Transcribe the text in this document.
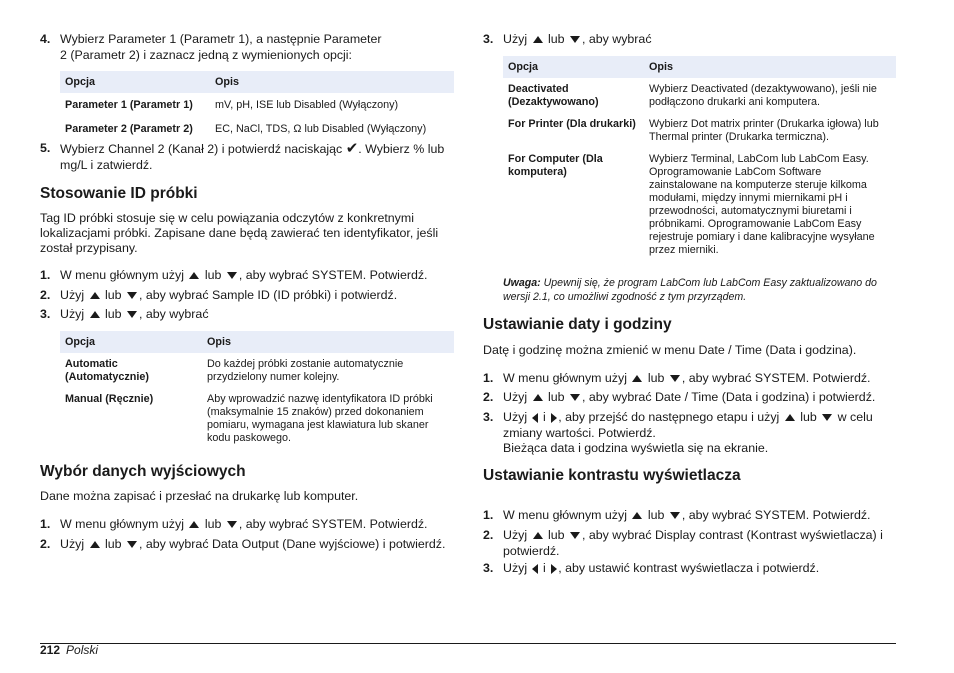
4. Wybierz Parameter 1 (Parametr 1), a następnie Parameter 2 (Parametr 2) i zaznacz jedną z wymienionych opcji:
Opcja	Opis
Parameter 1 (Parametr 1)	mV, pH, ISE lub Disabled (Wyłączony)
Parameter 2 (Parametr 2)	EC, NaCl, TDS, Ω lub Disabled (Wyłączony)
5. Wybierz Channel 2 (Kanał 2) i potwierdź naciskając ✔. Wybierz % lub mg/L i zatwierdź.
Stosowanie ID próbki
Tag ID próbki stosuje się w celu powiązania odczytów z konkretnymi lokalizacjami próbki. Zapisane dane będą zawierać ten identyfikator, jeśli został przypisany.
1. W menu głównym użyj  lub , aby wybrać SYSTEM. Potwierdź.
2. Użyj  lub , aby wybrać Sample ID (ID próbki) i potwierdź.
3. Użyj  lub , aby wybrać
Opcja	Opis
Automatic (Automatycznie)	Do każdej próbki zostanie automatycznie przydzielony numer kolejny.
Manual (Ręcznie)	Aby wprowadzić nazwę identyfikatora ID próbki (maksymalnie 15 znaków) przed dokonaniem pomiaru, wymagana jest klawiatura lub skaner kodu paskowego.
Wybór danych wyjściowych
Dane można zapisać i przesłać na drukarkę lub komputer.
1. W menu głównym użyj  lub , aby wybrać SYSTEM. Potwierdź.
2. Użyj  lub , aby wybrać Data Output (Dane wyjściowe) i potwierdź.
3. Użyj  lub , aby wybrać
Opcja	Opis
Deactivated (Dezaktywowano)	Wybierz Deactivated (dezaktywowano), jeśli nie podłączono drukarki ani komputera.
For Printer (Dla drukarki)	Wybierz Dot matrix printer (Drukarka igłowa) lub Thermal printer (Drukarka termiczna).
For Computer (Dla komputera)	Wybierz Terminal, LabCom lub LabCom Easy. Oprogramowanie LabCom Software zainstalowane na komputerze steruje kilkoma modułami, między innymi miernikami pH i przewodności, automatycznymi biuretami i próbnikami. Oprogramowanie LabCom Easy rejestruje pomiary i dane kalibracyjne wysyłane przez mierniki.
Uwaga: Upewnij się, że program LabCom lub LabCom Easy zaktualizowano do wersji 2.1, co umożliwi zgodność z tym przyrządem.
Ustawianie daty i godziny
Datę i godzinę można zmienić w menu Date / Time (Data i godzina).
1. W menu głównym użyj  lub , aby wybrać SYSTEM. Potwierdź.
2. Użyj  lub , aby wybrać Date / Time (Data i godzina) i potwierdź.
3. Użyj  i , aby przejść do następnego etapu i użyj  lub  w celu zmiany wartości. Potwierdź.
Bieżąca data i godzina wyświetla się na ekranie.
Ustawianie kontrastu wyświetlacza
1. W menu głównym użyj  lub , aby wybrać SYSTEM. Potwierdź.
2. Użyj  lub , aby wybrać Display contrast (Kontrast wyświetlacza) i potwierdź.
3. Użyj  i , aby ustawić kontrast wyświetlacza i potwierdź.
212 Polski
